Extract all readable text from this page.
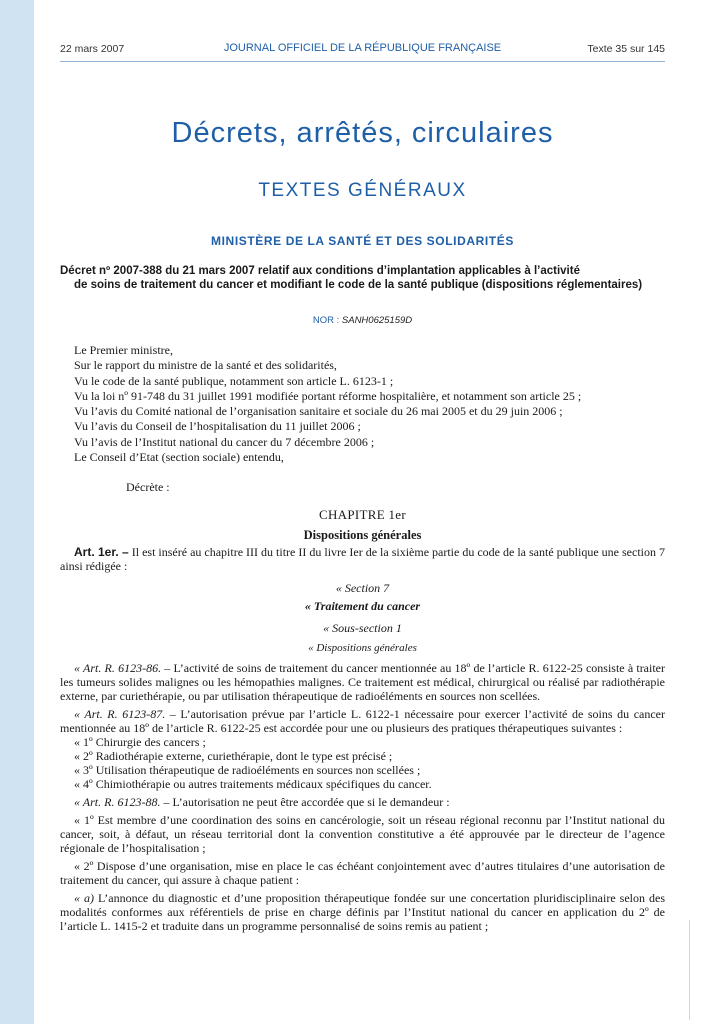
22 mars 2007	JOURNAL OFFICIEL DE LA RÉPUBLIQUE FRANÇAISE	Texte 35 sur 145
Décrets, arrêtés, circulaires
TEXTES GÉNÉRAUX
MINISTÈRE DE LA SANTÉ ET DES SOLIDARITÉS
Décret nº 2007-388 du 21 mars 2007 relatif aux conditions d’implantation applicables à l’activité
de soins de traitement du cancer et modifiant le code de la santé publique (dispositions réglementaires)
NOR : SANH0625159D
Le Premier ministre,
Sur le rapport du ministre de la santé et des solidarités,
Vu le code de la santé publique, notamment son article L. 6123-1 ;
Vu la loi nº 91-748 du 31 juillet 1991 modifiée portant réforme hospitalière, et notamment son article 25 ;
Vu l’avis du Comité national de l’organisation sanitaire et sociale du 26 mai 2005 et du 29 juin 2006 ;
Vu l’avis du Conseil de l’hospitalisation du 11 juillet 2006 ;
Vu l’avis de l’Institut national du cancer du 7 décembre 2006 ;
Le Conseil d’Etat (section sociale) entendu,
Décrète :
CHAPITRE 1er
Dispositions générales

Art. 1er. – Il est inséré au chapitre III du titre II du livre Ier de la sixième partie du code de la santé publique une section 7 ainsi rédigée :

« Section 7

« Traitement du cancer

« Sous-section 1

« Dispositions générales

« Art. R. 6123-86. – L’activité de soins de traitement du cancer mentionnée au 18º de l’article R. 6122-25 consiste à traiter les tumeurs solides malignes ou les hémopathies malignes. Ce traitement est médical, chirurgical ou réalisé par radiothérapie externe, par curiethérapie, ou par utilisation thérapeutique de radioéléments en sources non scellées.

« Art. R. 6123-87. – L’autorisation prévue par l’article L. 6122-1 nécessaire pour exercer l’activité de soins du cancer mentionnée au 18º de l’article R. 6122-25 est accordée pour une ou plusieurs des pratiques thérapeutiques suivantes :

« 1º Chirurgie des cancers ;

« 2º Radiothérapie externe, curiethérapie, dont le type est précisé ;

« 3º Utilisation thérapeutique de radioéléments en sources non scellées ;

« 4º Chimiothérapie ou autres traitements médicaux spécifiques du cancer.

« Art. R. 6123-88. – L’autorisation ne peut être accordée que si le demandeur :

« 1º Est membre d’une coordination des soins en cancérologie, soit un réseau régional reconnu par l’Institut national du cancer, soit, à défaut, un réseau territorial dont la convention constitutive a été approuvée par le directeur de l’agence régionale de l’hospitalisation ;

« 2º Dispose d’une organisation, mise en place le cas échéant conjointement avec d’autres titulaires d’une autorisation de traitement du cancer, qui assure à chaque patient :

« a) L’annonce du diagnostic et d’une proposition thérapeutique fondée sur une concertation pluridisciplinaire selon des modalités conformes aux référentiels de prise en charge définis par l’Institut national du cancer en application du 2º de l’article L. 1415-2 et traduite dans un programme personnalisé de soins remis au patient ;
